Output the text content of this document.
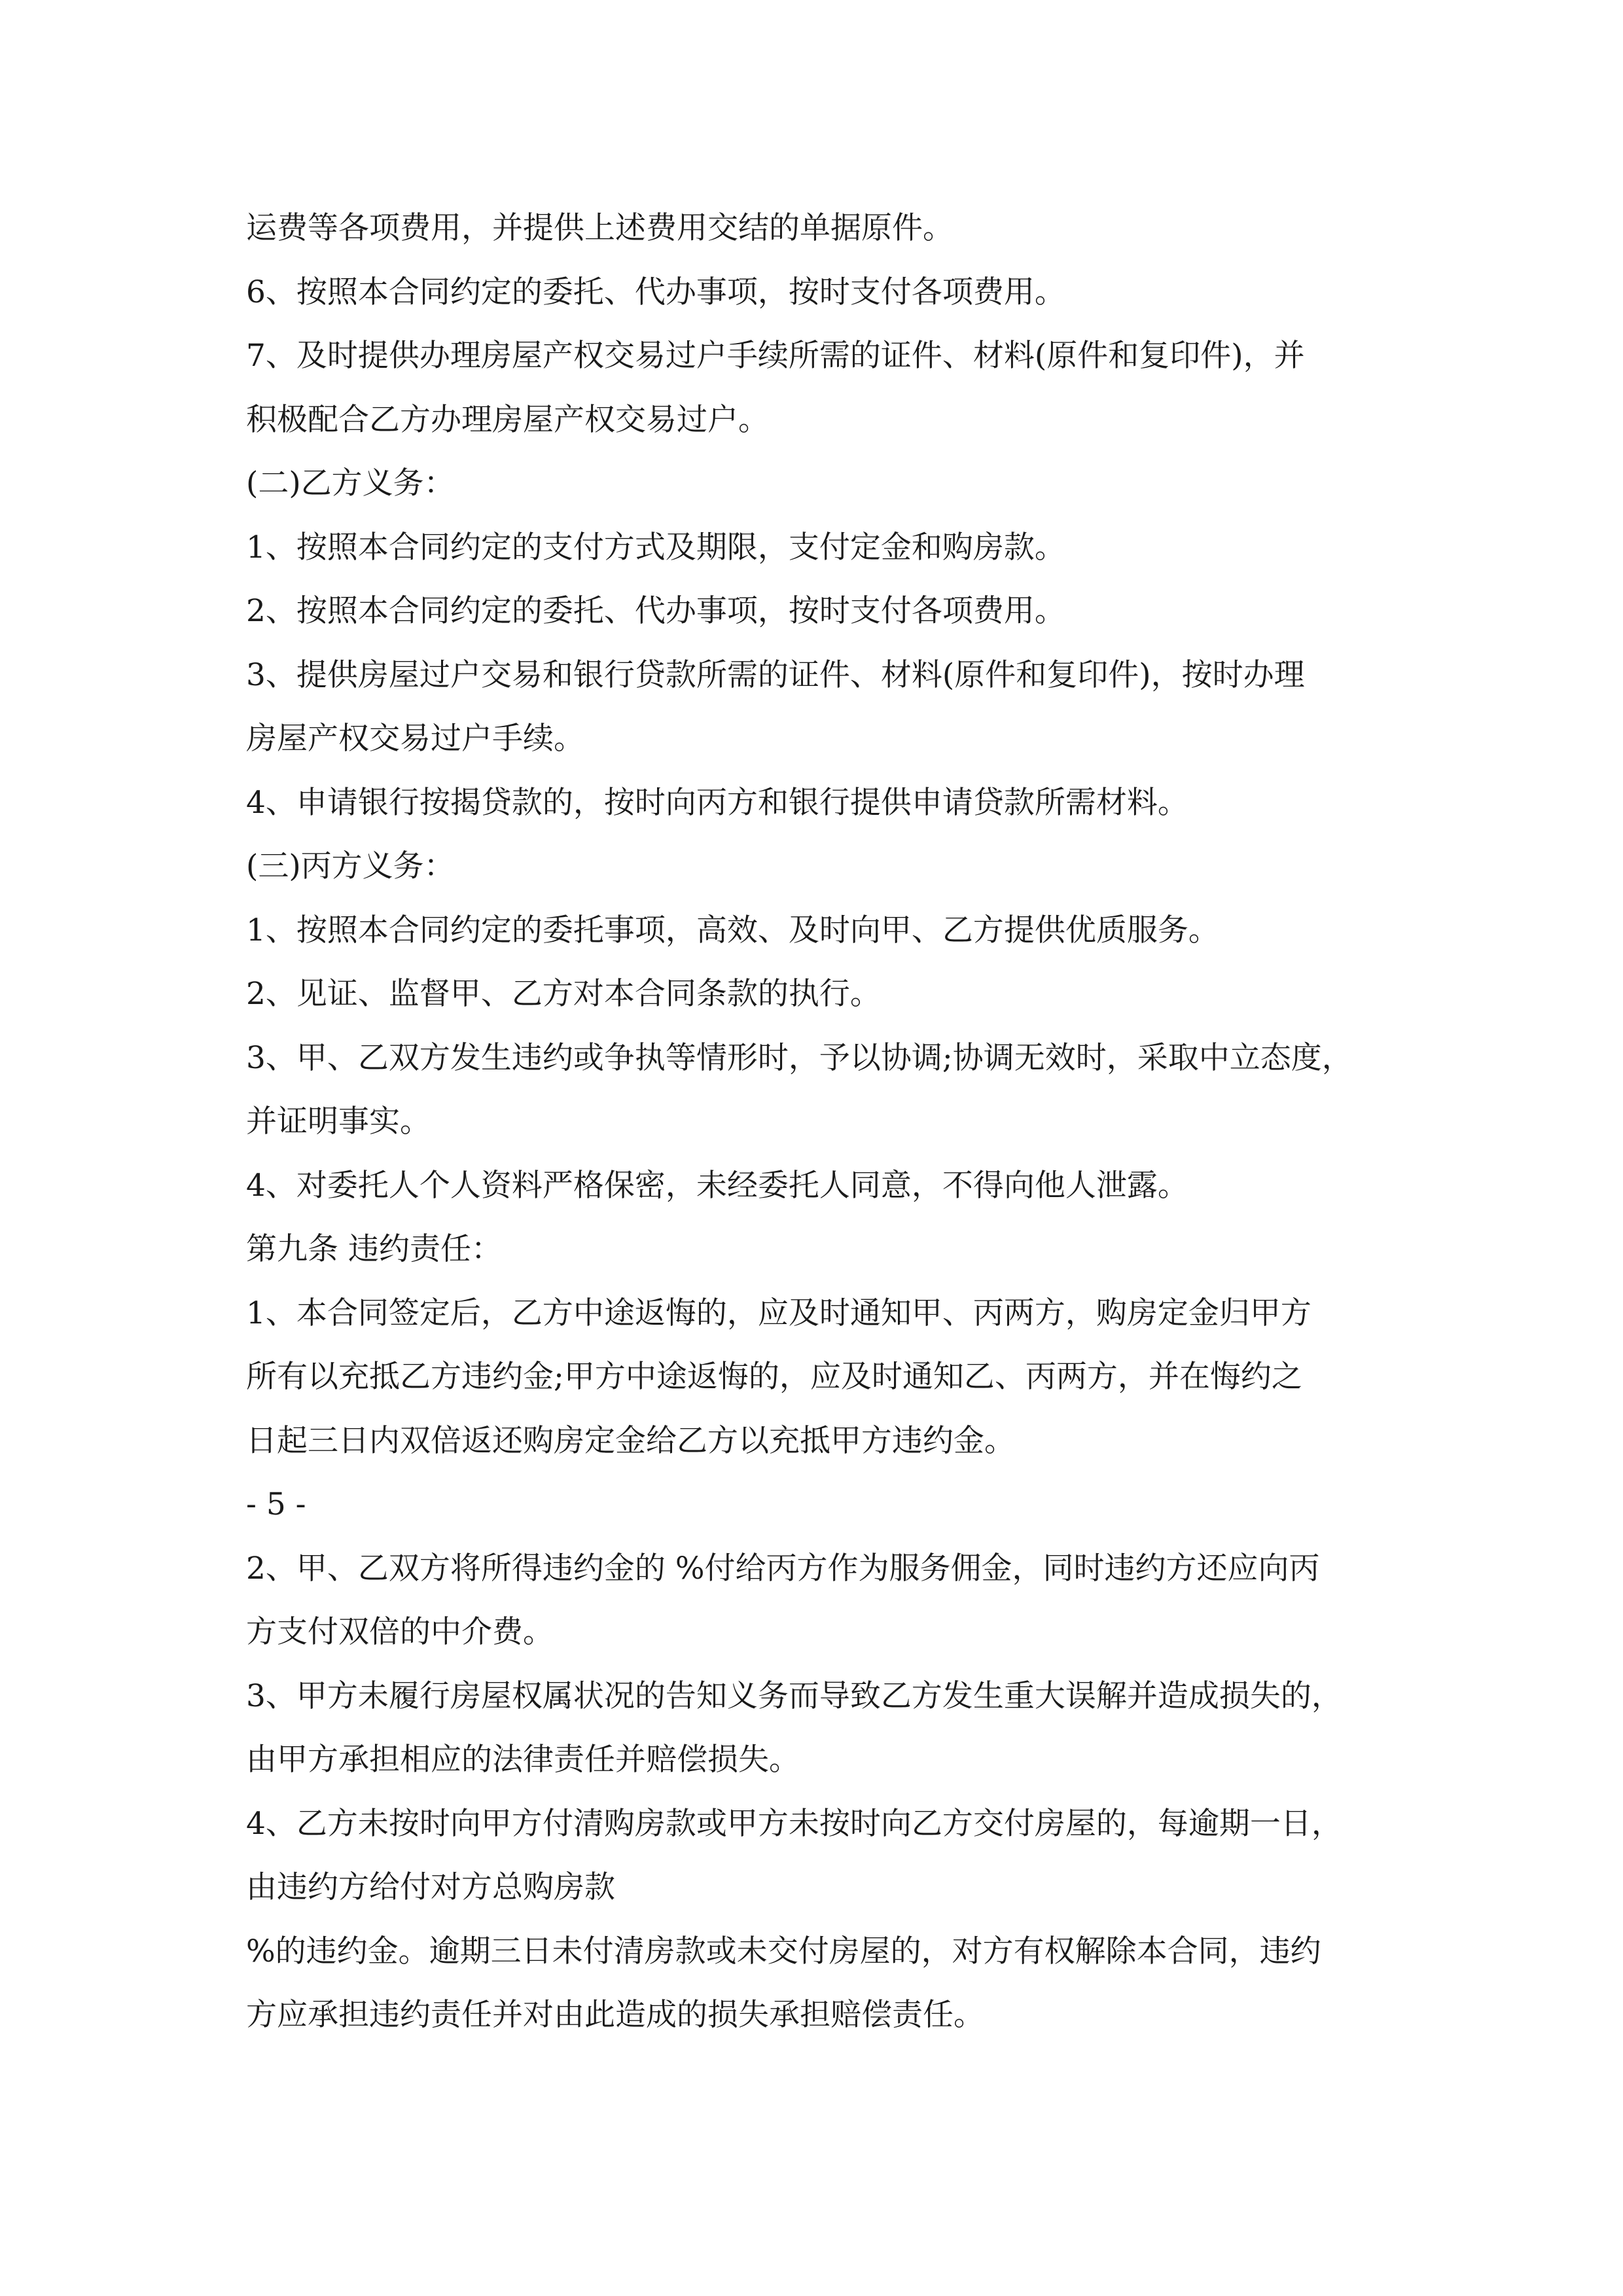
运费等各项费用，并提供上述费用交结的单据原件。
6、按照本合同约定的委托、代办事项，按时支付各项费用。
7、及时提供办理房屋产权交易过户手续所需的证件、材料(原件和复印件)，并
积极配合乙方办理房屋产权交易过户。
(二)乙方义务：
1、按照本合同约定的支付方式及期限，支付定金和购房款。
2、按照本合同约定的委托、代办事项，按时支付各项费用。
3、提供房屋过户交易和银行贷款所需的证件、材料(原件和复印件)，按时办理
房屋产权交易过户手续。
4、申请银行按揭贷款的，按时向丙方和银行提供申请贷款所需材料。
(三)丙方义务：
1、按照本合同约定的委托事项，高效、及时向甲、乙方提供优质服务。
2、见证、监督甲、乙方对本合同条款的执行。
3、甲、乙双方发生违约或争执等情形时，予以协调;协调无效时，采取中立态度，
并证明事实。
4、对委托人个人资料严格保密，未经委托人同意，不得向他人泄露。
第九条 违约责任：
1、本合同签定后，乙方中途返悔的，应及时通知甲、丙两方，购房定金归甲方
所有以充抵乙方违约金;甲方中途返悔的，应及时通知乙、丙两方，并在悔约之
日起三日内双倍返还购房定金给乙方以充抵甲方违约金。
- 5 -
2、甲、乙双方将所得违约金的 %付给丙方作为服务佣金，同时违约方还应向丙
方支付双倍的中介费。
3、甲方未履行房屋权属状况的告知义务而导致乙方发生重大误解并造成损失的，
由甲方承担相应的法律责任并赔偿损失。
4、乙方未按时向甲方付清购房款或甲方未按时向乙方交付房屋的，每逾期一日，
由违约方给付对方总购房款
%的违约金。逾期三日未付清房款或未交付房屋的，对方有权解除本合同，违约
方应承担违约责任并对由此造成的损失承担赔偿责任。
